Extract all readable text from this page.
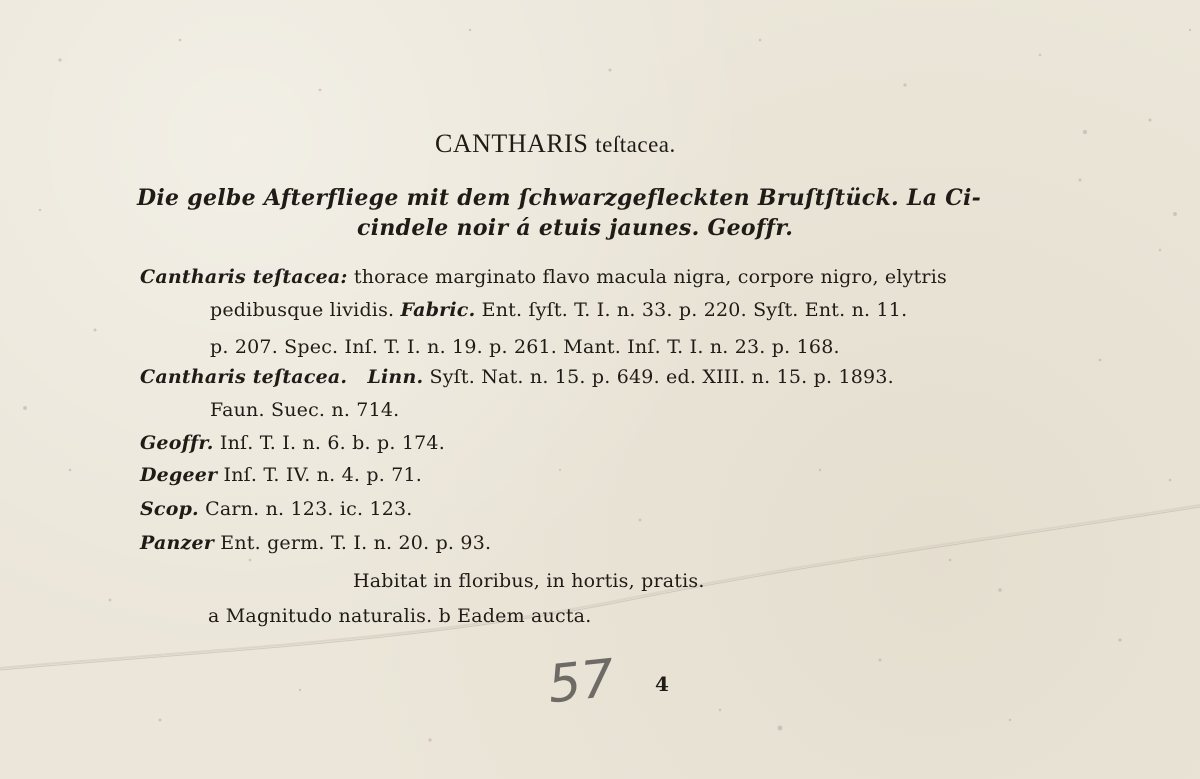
CANTHARIS teſtacea.
Die gelbe Afterfliege mit dem ſchwarzgefleckten Bruſtſtück. La Ci-
cindele noir á etuis jaunes. Geoffr.
Cantharis teſtacea: thorace marginato flavo macula nigra, corpore nigro, elytris
pedibusque lividis. Fabric. Ent. ſyſt. T. I. n. 33. p. 220. Syſt. Ent. n. 11.
p. 207. Spec. Inſ. T. I. n. 19. p. 261. Mant. Inſ. T. I. n. 23. p. 168.
Cantharis teſtacea. Linn. Syſt. Nat. n. 15. p. 649. ed. XIII. n. 15. p. 1893.
Faun. Suec. n. 714.
Geoffr. Inſ. T. I. n. 6. b. p. 174.
Degeer Inſ. T. IV. n. 4. p. 71.
Scop. Carn. n. 123. ic. 123.
Panzer Ent. germ. T. I. n. 20. p. 93.
Habitat in floribus, in hortis, pratis.
a Magnitudo naturalis. b Eadem aucta.
57 4
